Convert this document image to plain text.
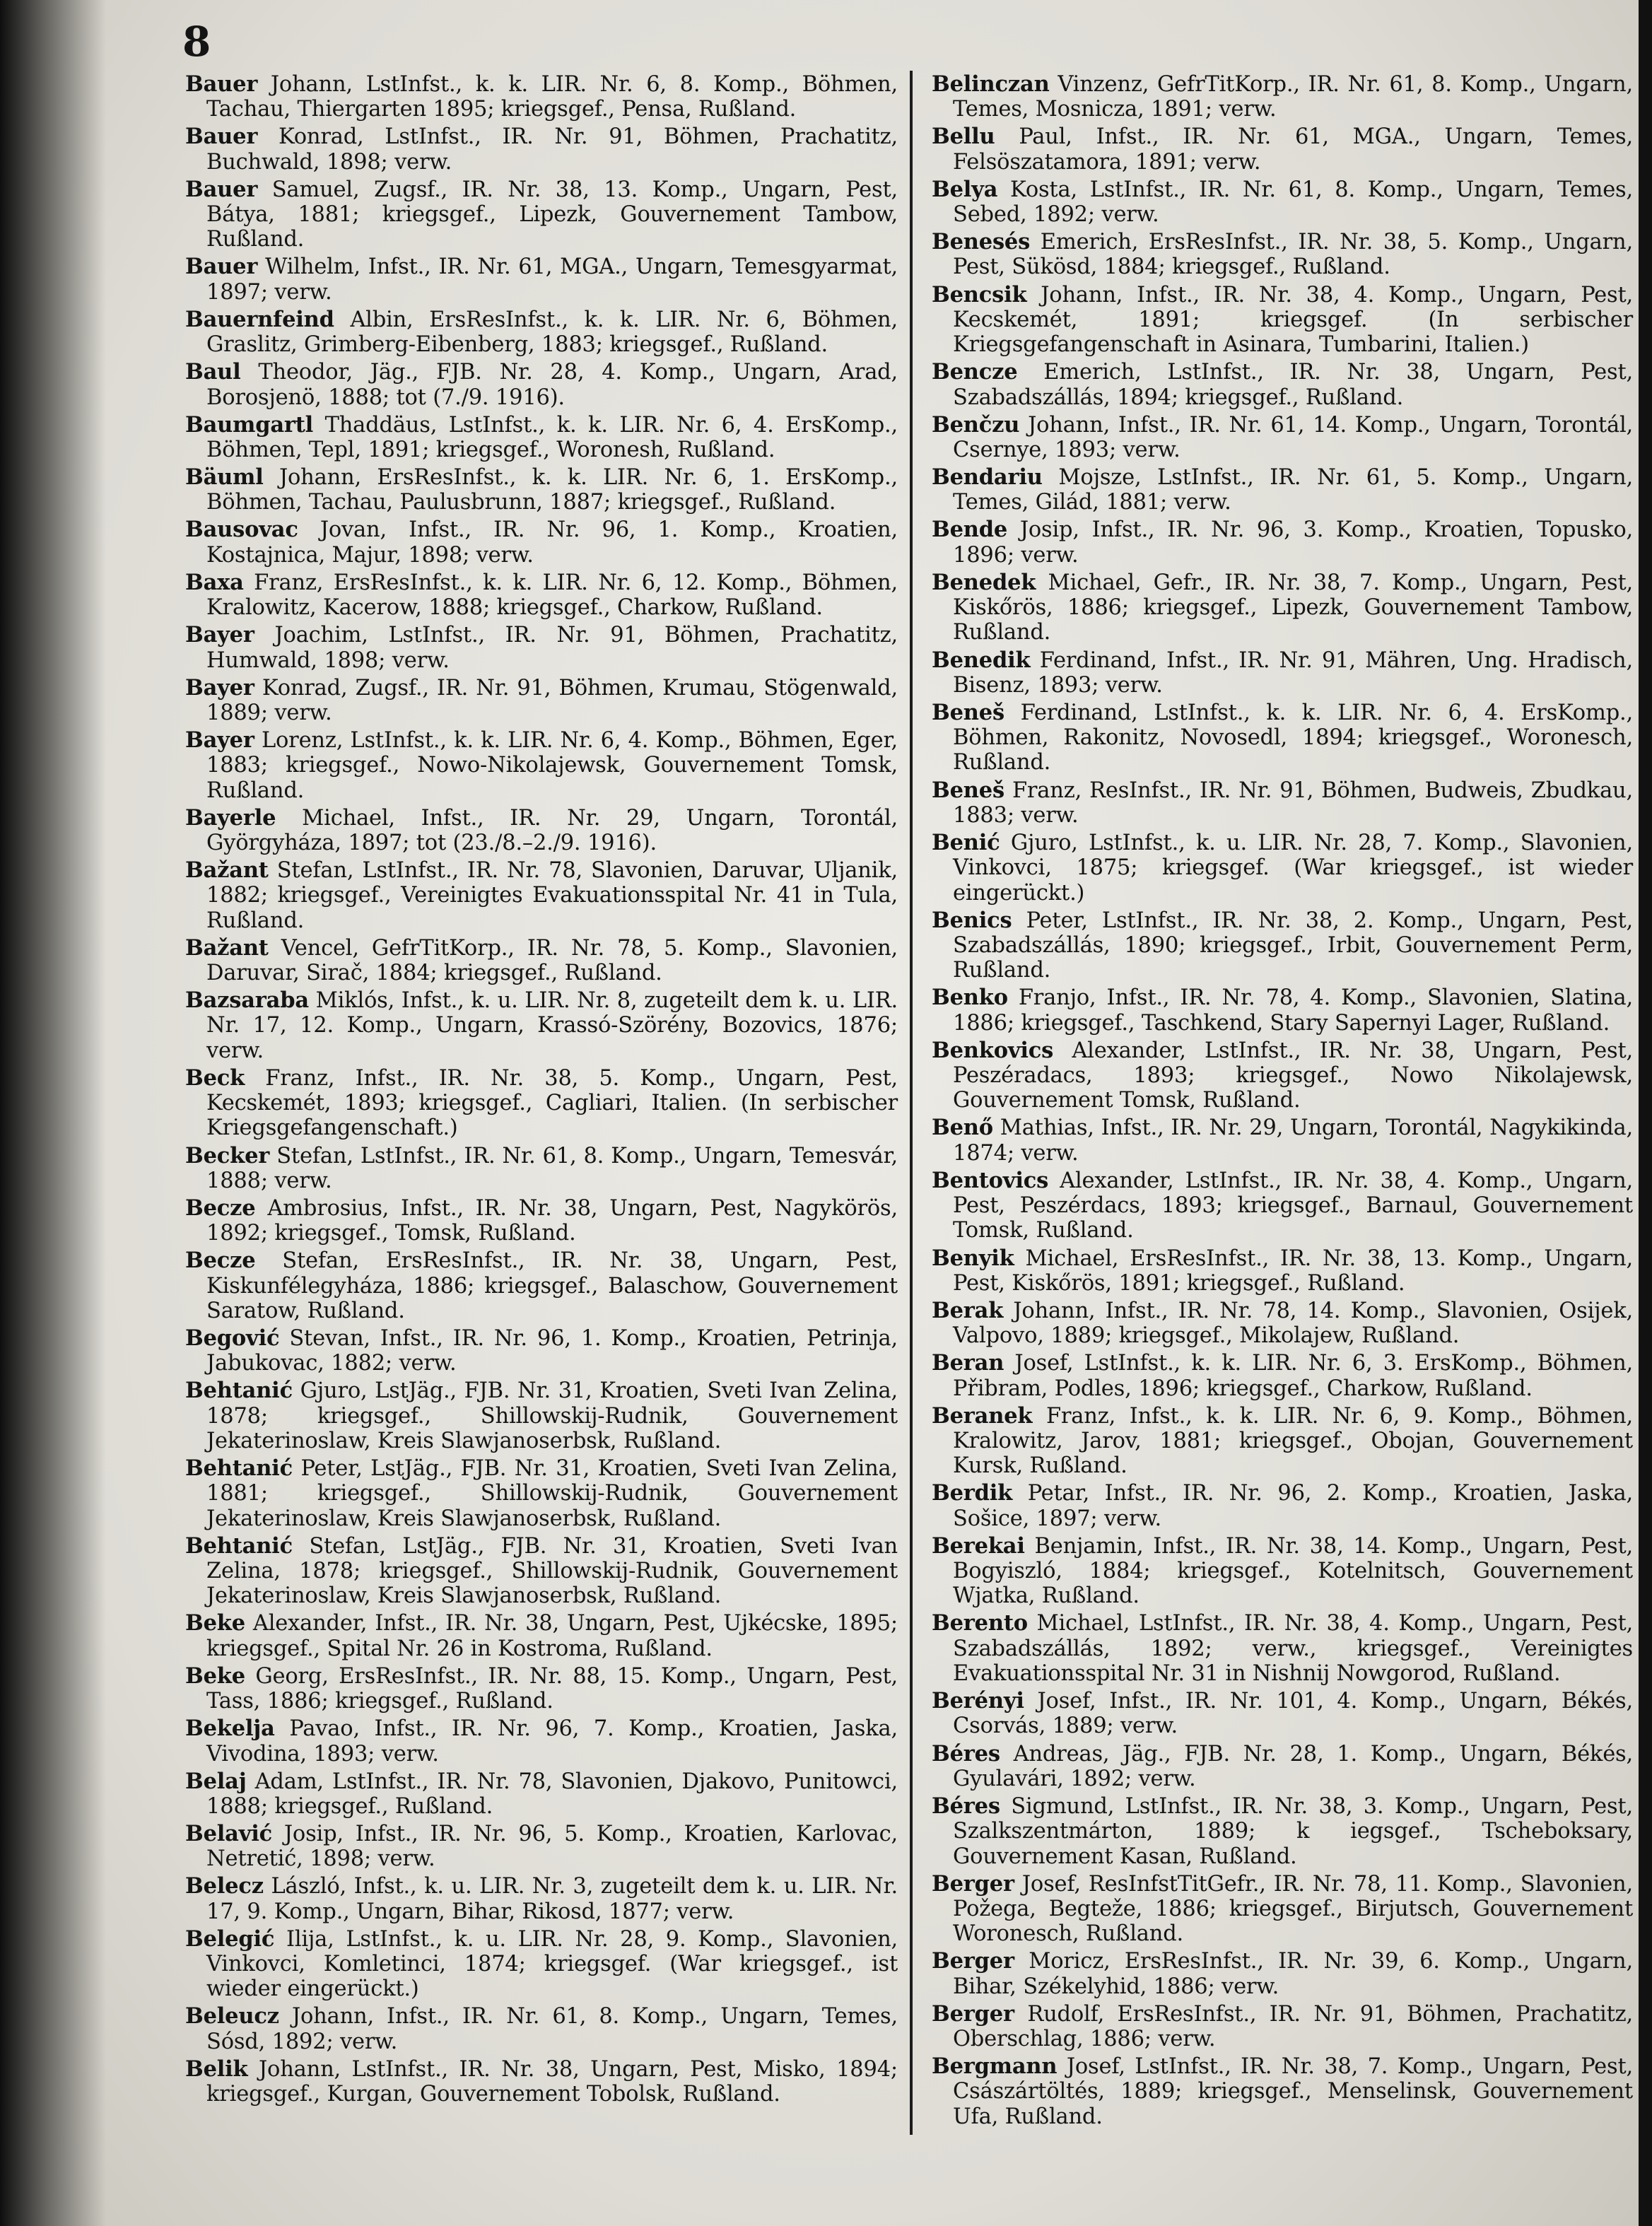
8

Bauer Johann, LstInfst., k. k. LIR. Nr. 6, 8. Komp., Böhmen, Tachau, Thiergarten 1895; kriegsgef., Pensa, Rußland.

Bauer Konrad, LstInfst., IR. Nr. 91, Böhmen, Prachatitz, Buchwald, 1898; verw.

Bauer Samuel, Zugsf., IR. Nr. 38, 13. Komp., Ungarn, Pest, Bátya, 1881; kriegsgef., Lipezk, Gouvernement Tambow, Rußland.

Bauer Wilhelm, Infst., IR. Nr. 61, MGA., Ungarn, Temesgyarmat, 1897; verw.

Bauernfeind Albin, ErsResInfst., k. k. LIR. Nr. 6, Böhmen, Graslitz, Grimberg-Eibenberg, 1883; kriegsgef., Rußland.

Baul Theodor, Jäg., FJB. Nr. 28, 4. Komp., Ungarn, Arad, Borosjenö, 1888; tot (7./9. 1916).

Baumgartl Thaddäus, LstInfst., k. k. LIR. Nr. 6, 4. ErsKomp., Böhmen, Tepl, 1891; kriegsgef., Woronesh, Rußland.

Bäuml Johann, ErsResInfst., k. k. LIR. Nr. 6, 1. ErsKomp., Böhmen, Tachau, Paulusbrunn, 1887; kriegsgef., Rußland.

Bausovac Jovan, Infst., IR. Nr. 96, 1. Komp., Kroatien, Kostajnica, Majur, 1898; verw.

Baxa Franz, ErsResInfst., k. k. LIR. Nr. 6, 12. Komp., Böhmen, Kralowitz, Kacerow, 1888; kriegsgef., Charkow, Rußland.

Bayer Joachim, LstInfst., IR. Nr. 91, Böhmen, Prachatitz, Humwald, 1898; verw.

Bayer Konrad, Zugsf., IR. Nr. 91, Böhmen, Krumau, Stögenwald, 1889; verw.

Bayer Lorenz, LstInfst., k. k. LIR. Nr. 6, 4. Komp., Böhmen, Eger, 1883; kriegsgef., Nowo-Nikolajewsk, Gouvernement Tomsk, Rußland.

Bayerle Michael, Infst., IR. Nr. 29, Ungarn, Torontál, Györgyháza, 1897; tot (23./8.–2./9. 1916).

Bažant Stefan, LstInfst., IR. Nr. 78, Slavonien, Daruvar, Uljanik, 1882; kriegsgef., Vereinigtes Evakuationsspital Nr. 41 in Tula, Rußland.

Bažant Vencel, GefrTitKorp., IR. Nr. 78, 5. Komp., Slavonien, Daruvar, Sirač, 1884; kriegsgef., Rußland.

Bazsaraba Miklós, Infst., k. u. LIR. Nr. 8, zugeteilt dem k. u. LIR. Nr. 17, 12. Komp., Ungarn, Krassó-Szörény, Bozovics, 1876; verw.

Beck Franz, Infst., IR. Nr. 38, 5. Komp., Ungarn, Pest, Kecskemét, 1893; kriegsgef., Cagliari, Italien. (In serbischer Kriegsgefangenschaft.)

Becker Stefan, LstInfst., IR. Nr. 61, 8. Komp., Ungarn, Temesvár, 1888; verw.

Becze Ambrosius, Infst., IR. Nr. 38, Ungarn, Pest, Nagykörös, 1892; kriegsgef., Tomsk, Rußland.

Becze Stefan, ErsResInfst., IR. Nr. 38, Ungarn, Pest, Kiskunfélegyháza, 1886; kriegsgef., Balaschow, Gouvernement Saratow, Rußland.

Begović Stevan, Infst., IR. Nr. 96, 1. Komp., Kroatien, Petrinja, Jabukovac, 1882; verw.

Behtanić Gjuro, LstJäg., FJB. Nr. 31, Kroatien, Sveti Ivan Zelina, 1878; kriegsgef., Shillowskij-Rudnik, Gouvernement Jekaterinoslaw, Kreis Slawjanoserbsk, Rußland.

Behtanić Peter, LstJäg., FJB. Nr. 31, Kroatien, Sveti Ivan Zelina, 1881; kriegsgef., Shillowskij-Rudnik, Gouvernement Jekaterinoslaw, Kreis Slawjanoserbsk, Rußland.

Behtanić Stefan, LstJäg., FJB. Nr. 31, Kroatien, Sveti Ivan Zelina, 1878; kriegsgef., Shillowskij-Rudnik, Gouvernement Jekaterinoslaw, Kreis Slawjanoserbsk, Rußland.

Beke Alexander, Infst., IR. Nr. 38, Ungarn, Pest, Ujkécske, 1895; kriegsgef., Spital Nr. 26 in Kostroma, Rußland.

Beke Georg, ErsResInfst., IR. Nr. 88, 15. Komp., Ungarn, Pest, Tass, 1886; kriegsgef., Rußland.

Bekelja Pavao, Infst., IR. Nr. 96, 7. Komp., Kroatien, Jaska, Vivodina, 1893; verw.

Belaj Adam, LstInfst., IR. Nr. 78, Slavonien, Djakovo, Punitowci, 1888; kriegsgef., Rußland.

Belavić Josip, Infst., IR. Nr. 96, 5. Komp., Kroatien, Karlovac, Netretić, 1898; verw.

Belecz László, Infst., k. u. LIR. Nr. 3, zugeteilt dem k. u. LIR. Nr. 17, 9. Komp., Ungarn, Bihar, Rikosd, 1877; verw.

Belegić Ilija, LstInfst., k. u. LIR. Nr. 28, 9. Komp., Slavonien, Vinkovci, Komletinci, 1874; kriegsgef. (War kriegsgef., ist wieder eingerückt.)

Beleucz Johann, Infst., IR. Nr. 61, 8. Komp., Ungarn, Temes, Sósd, 1892; verw.

Belik Johann, LstInfst., IR. Nr. 38, Ungarn, Pest, Misko, 1894; kriegsgef., Kurgan, Gouvernement Tobolsk, Rußland.

Belinczan Vinzenz, GefrTitKorp., IR. Nr. 61, 8. Komp., Ungarn, Temes, Mosnicza, 1891; verw.

Bellu Paul, Infst., IR. Nr. 61, MGA., Ungarn, Temes, Felsöszatamora, 1891; verw.

Belya Kosta, LstInfst., IR. Nr. 61, 8. Komp., Ungarn, Temes, Sebed, 1892; verw.

Benesés Emerich, ErsResInfst., IR. Nr. 38, 5. Komp., Ungarn, Pest, Sükösd, 1884; kriegsgef., Rußland.

Bencsik Johann, Infst., IR. Nr. 38, 4. Komp., Ungarn, Pest, Kecskemét, 1891; kriegsgef. (In serbischer Kriegsgefangenschaft in Asinara, Tumbarini, Italien.)

Bencze Emerich, LstInfst., IR. Nr. 38, Ungarn, Pest, Szabadszállás, 1894; kriegsgef., Rußland.

Benčzu Johann, Infst., IR. Nr. 61, 14. Komp., Ungarn, Torontál, Csernye, 1893; verw.

Bendariu Mojsze, LstInfst., IR. Nr. 61, 5. Komp., Ungarn, Temes, Gilád, 1881; verw.

Bende Josip, Infst., IR. Nr. 96, 3. Komp., Kroatien, Topusko, 1896; verw.

Benedek Michael, Gefr., IR. Nr. 38, 7. Komp., Ungarn, Pest, Kiskőrös, 1886; kriegsgef., Lipezk, Gouvernement Tambow, Rußland.

Benedik Ferdinand, Infst., IR. Nr. 91, Mähren, Ung. Hradisch, Bisenz, 1893; verw.

Beneš Ferdinand, LstInfst., k. k. LIR. Nr. 6, 4. ErsKomp., Böhmen, Rakonitz, Novosedl, 1894; kriegsgef., Woronesch, Rußland.

Beneš Franz, ResInfst., IR. Nr. 91, Böhmen, Budweis, Zbudkau, 1883; verw.

Benić Gjuro, LstInfst., k. u. LIR. Nr. 28, 7. Komp., Slavonien, Vinkovci, 1875; kriegsgef. (War kriegsgef., ist wieder eingerückt.)

Benics Peter, LstInfst., IR. Nr. 38, 2. Komp., Ungarn, Pest, Szabadszállás, 1890; kriegsgef., Irbit, Gouvernement Perm, Rußland.

Benko Franjo, Infst., IR. Nr. 78, 4. Komp., Slavonien, Slatina, 1886; kriegsgef., Taschkend, Stary Sapernyi Lager, Rußland.

Benkovics Alexander, LstInfst., IR. Nr. 38, Ungarn, Pest, Peszéradacs, 1893; kriegsgef., Nowo Nikolajewsk, Gouvernement Tomsk, Rußland.

Benő Mathias, Infst., IR. Nr. 29, Ungarn, Torontál, Nagykikinda, 1874; verw.

Bentovics Alexander, LstInfst., IR. Nr. 38, 4. Komp., Ungarn, Pest, Peszérdacs, 1893; kriegsgef., Barnaul, Gouvernement Tomsk, Rußland.

Benyik Michael, ErsResInfst., IR. Nr. 38, 13. Komp., Ungarn, Pest, Kiskőrös, 1891; kriegsgef., Rußland.

Berak Johann, Infst., IR. Nr. 78, 14. Komp., Slavonien, Osijek, Valpovo, 1889; kriegsgef., Mikolajew, Rußland.

Beran Josef, LstInfst., k. k. LIR. Nr. 6, 3. ErsKomp., Böhmen, Přibram, Podles, 1896; kriegsgef., Charkow, Rußland.

Beranek Franz, Infst., k. k. LIR. Nr. 6, 9. Komp., Böhmen, Kralowitz, Jarov, 1881; kriegsgef., Obojan, Gouvernement Kursk, Rußland.

Berdik Petar, Infst., IR. Nr. 96, 2. Komp., Kroatien, Jaska, Sošice, 1897; verw.

Berekai Benjamin, Infst., IR. Nr. 38, 14. Komp., Ungarn, Pest, Bogyiszló, 1884; kriegsgef., Kotelnitsch, Gouvernement Wjatka, Rußland.

Berento Michael, LstInfst., IR. Nr. 38, 4. Komp., Ungarn, Pest, Szabadszállás, 1892; verw., kriegsgef., Vereinigtes Evakuationsspital Nr. 31 in Nishnij Nowgorod, Rußland.

Berényi Josef, Infst., IR. Nr. 101, 4. Komp., Ungarn, Békés, Csorvás, 1889; verw.

Béres Andreas, Jäg., FJB. Nr. 28, 1. Komp., Ungarn, Békés, Gyulavári, 1892; verw.

Béres Sigmund, LstInfst., IR. Nr. 38, 3. Komp., Ungarn, Pest, Szalkszentmárton, 1889; k iegsgef., Tscheboksary, Gouvernement Kasan, Rußland.

Berger Josef, ResInfstTitGefr., IR. Nr. 78, 11. Komp., Slavonien, Požega, Begteže, 1886; kriegsgef., Birjutsch, Gouvernement Woronesch, Rußland.

Berger Moricz, ErsResInfst., IR. Nr. 39, 6. Komp., Ungarn, Bihar, Székelyhid, 1886; verw.

Berger Rudolf, ErsResInfst., IR. Nr. 91, Böhmen, Prachatitz, Oberschlag, 1886; verw.

Bergmann Josef, LstInfst., IR. Nr. 38, 7. Komp., Ungarn, Pest, Császártöltés, 1889; kriegsgef., Menselinsk, Gouvernement Ufa, Rußland.
